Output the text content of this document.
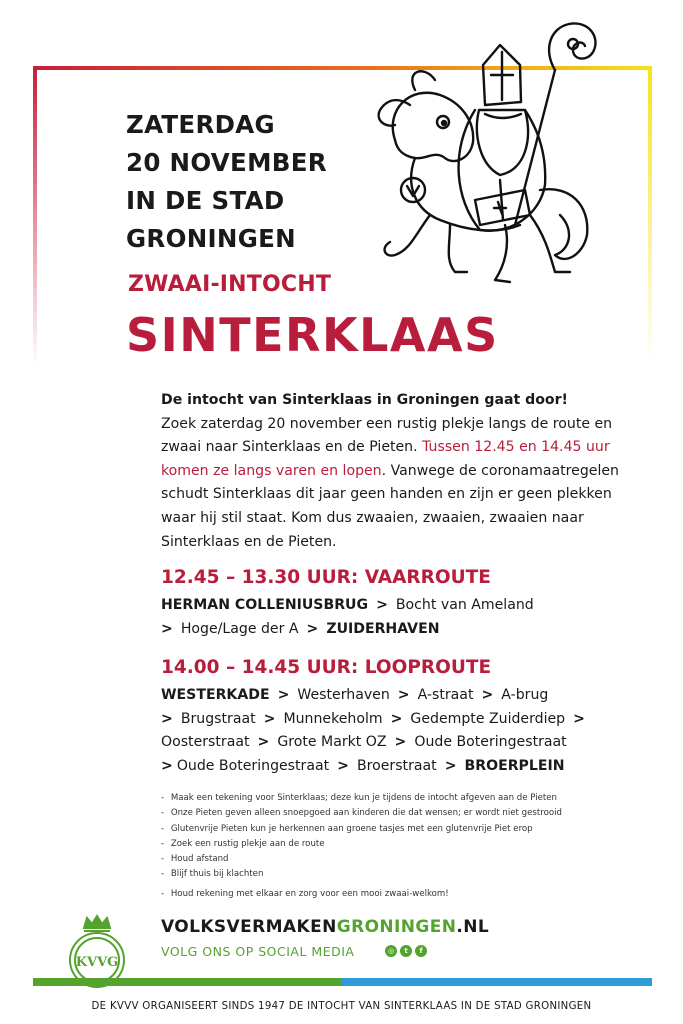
ZATERDAG
20 NOVEMBER
IN DE STAD
GRONINGEN
ZWAAI-INTOCHT
SINTERKLAAS
De intocht van Sinterklaas in Groningen gaat door!
Zoek zaterdag 20 november een rustig plekje langs de route en zwaai naar Sinterklaas en de Pieten. Tussen 12.45 en 14.45 uur komen ze langs varen en lopen. Vanwege de coronamaatregelen schudt Sinterklaas dit jaar geen handen en zijn er geen plekken waar hij stil staat. Kom dus zwaaien, zwaaien, zwaaien naar Sinterklaas en de Pieten.
12.45 – 13.30 UUR: VAARROUTE
HERMAN COLLENIUSBRUG > Bocht van Ameland
> Hoge/Lage der A > ZUIDERHAVEN
14.00 – 14.45 UUR: LOOPROUTE
WESTERKADE > Westerhaven > A-straat > A-brug
> Brugstraat > Munnekeholm > Gedempte Zuiderdiep >
Oosterstraat > Grote Markt OZ > Oude Boteringestraat
> Oude Boteringestraat > Broerstraat > BROERPLEIN
- Maak een tekening voor Sinterklaas; deze kun je tijdens de intocht afgeven aan de Pieten
- Onze Pieten geven alleen snoepgoed aan kinderen die dat wensen; er wordt niet gestrooid
- Glutenvrije Pieten kun je herkennen aan groene tasjes met een glutenvrije Piet erop
- Zoek een rustig plekje aan de route
- Houd afstand
- Blijf thuis bij klachten
- Houd rekening met elkaar en zorg voor een mooi zwaai-welkom!
KVVG
VOLKSVERMAKENGRONINGEN.NL
VOLG ONS OP SOCIAL MEDIA	◎	t	f
DE KVVV ORGANISEERT SINDS 1947 DE INTOCHT VAN SINTERKLAAS IN DE STAD GRONINGEN
